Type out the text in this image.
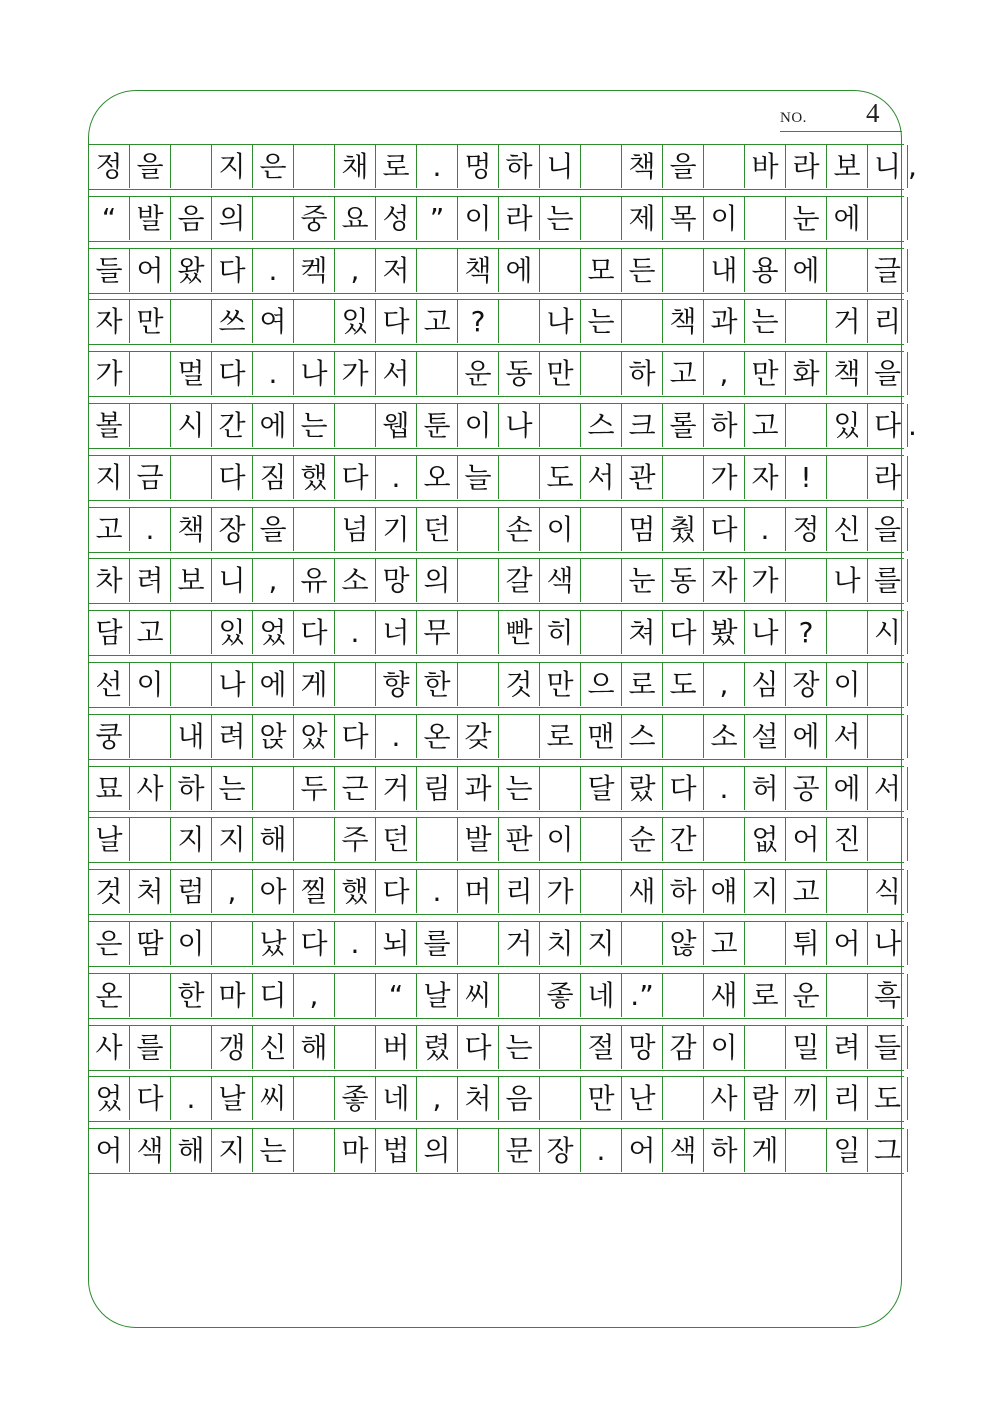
NO. 4
정 을 지 은 채 로 . 멍 하 니 책 을 바 라 보 니 ,
“ 발 음 의 중 요 성 ” 이 라 는 제 목 이 눈 에
들 어 왔 다 . 켁 , 저 책 에 모 든 내 용 에 글
자 만 쓰 여 있 다 고 ?	나 는 책 과 는 거 리
가 멀 다 . 나 가 서 운 동 만 하 고 , 만 화 책 을
볼 시 간 에 는 웹 툰 이 나 스 크 롤 하 고 있 다 .
지 금 다 짐 했 다 . 오 늘 도 서 관 가 자 !	라
고 . 책 장 을 넘 기 던 손 이 멈 췄 다 . 정 신 을
차 려 보 니 , 유 소 망 의 갈 색 눈 동 자 가 나 를
담 고 있 었 다 . 너 무 빤 히 쳐 다 봤 나 ?	시
선 이 나 에 게 향 한 것 만 으 로 도 , 심 장 이
쿵 내 려 앉 았 다 . 온 갖 로 맨 스 소 설 에 서
묘 사 하 는 두 근 거 림 과 는 달 랐 다 . 허 공 에 서
날 지 지 해 주 던 발 판 이 순 간 없 어 진
것 처 럼 , 아 찔 했 다 . 머 리 가 새 하 얘 지 고 식
은 땀 이 났 다 . 뇌 를 거 치 지 않 고 튀 어 나
온 한 마 디 ,	“ 날 씨 좋 네 .” 새 로 운 흑
사 를 갱 신 해 버 렸 다 는 절 망 감 이 밀 려 들
었 다 . 날 씨 좋 네 , 처 음 만 난 사 람 끼 리 도
어 색 해 지 는 마 법 의 문 장 . 어 색 하 게 일 그
